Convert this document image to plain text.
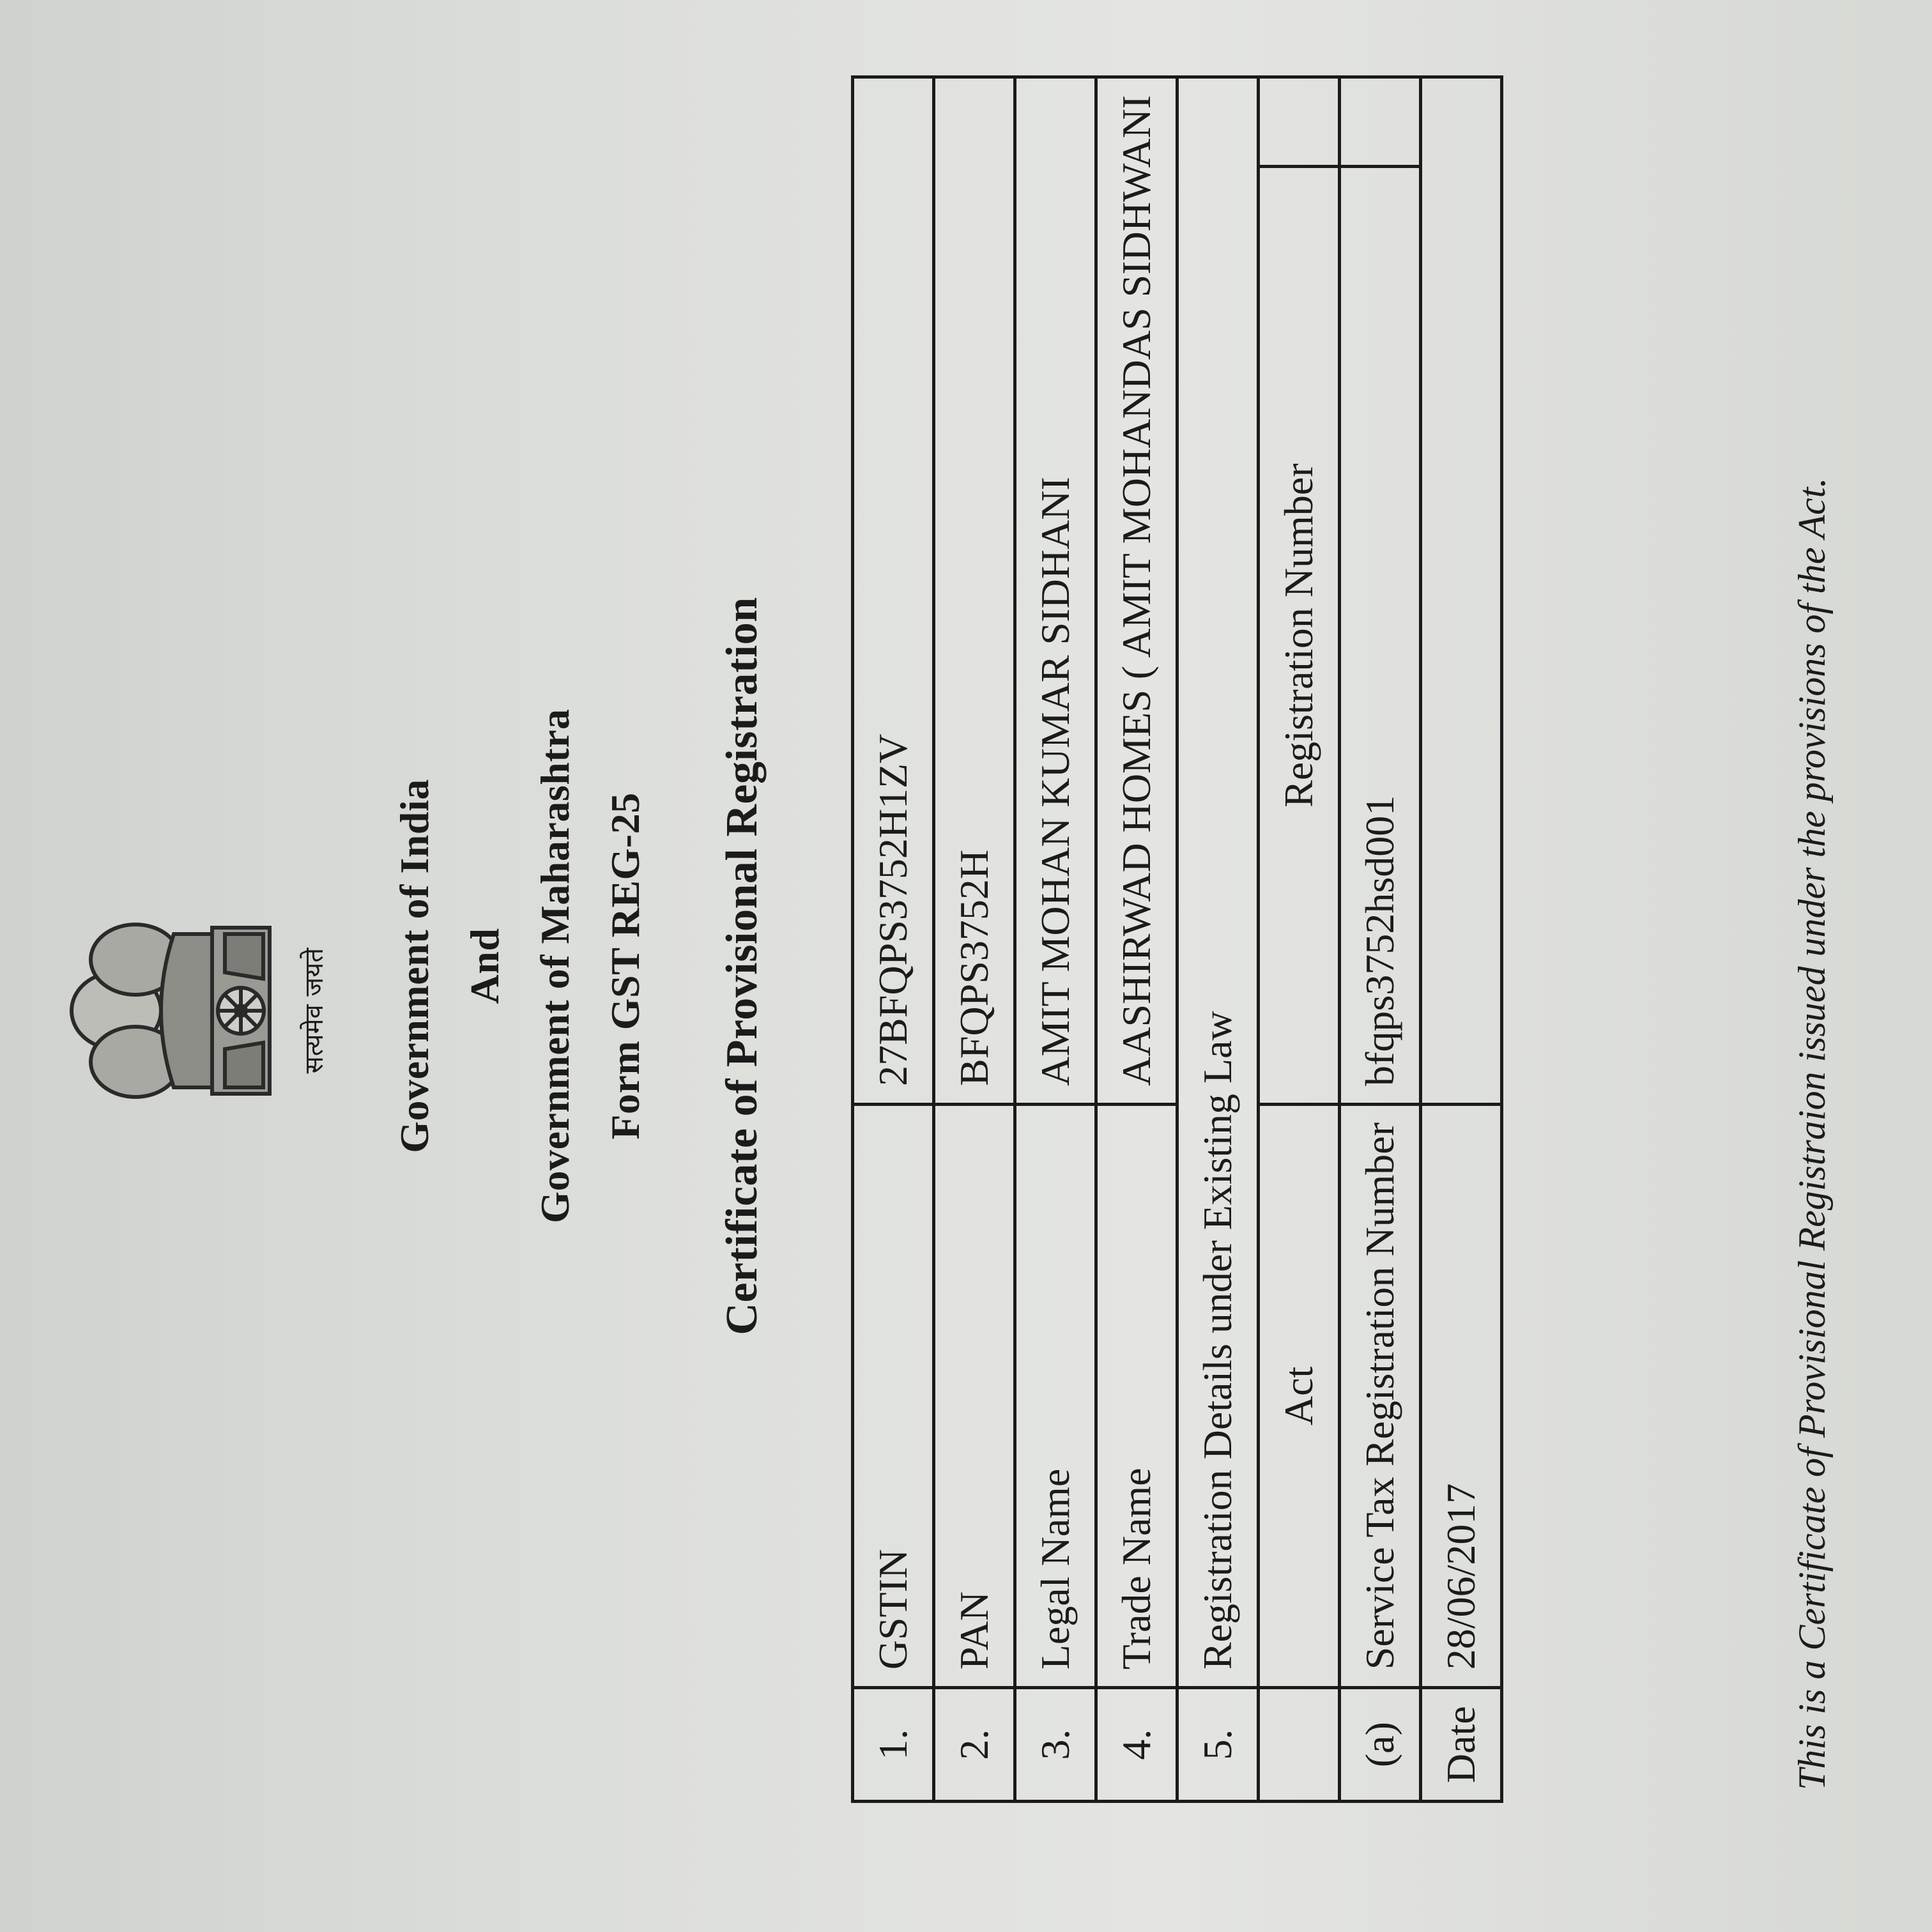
सत्यमेव जयते Government of India And Government of Maharashtra Form GST REG-25 Certificate of Provisional Registration
1.	GSTIN	27BFQPS3752H1ZV	
2.	PAN	BFQPS3752H	
3.	Legal Name	AMIT MOHAN KUMAR SIDHANI	
4.	Trade Name	AASHIRWAD HOMES ( AMIT MOHANDAS SIDHWANI	
5.	Registration Details under Existing Law		
	Act	Registration Number	
(a)	Service Tax Registration Number	bfqps3752hsd001	
Date	28/06/2017			This is a Certificate of Provisional Registraion issued under the provisions of the Act.
